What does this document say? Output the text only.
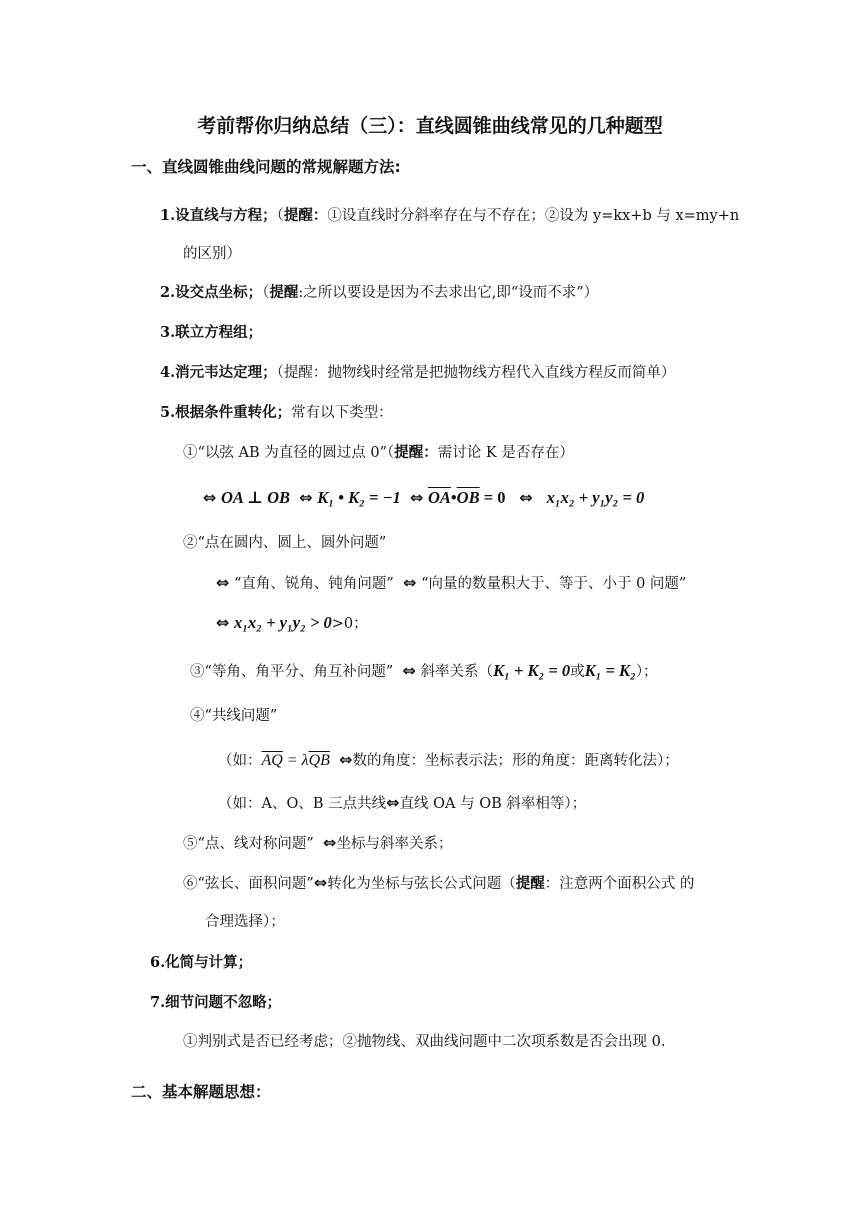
考前帮你归纳总结（三）：直线圆锥曲线常见的几种题型
一、直线圆锥曲线问题的常规解题方法:
1.设直线与方程；（提醒：①设直线时分斜率存在与不存在；②设为 y=kx+b 与 x=my+n
的区别）
2.设交点坐标；（提醒:之所以要设是因为不去求出它,即“设而不求”）
3.联立方程组；
4.消元韦达定理；（提醒：抛物线时经常是把抛物线方程代入直线方程反而简单）
5.根据条件重转化；常有以下类型：
①“以弦 AB 为直径的圆过点 0”（提醒：需讨论 K 是否存在）
⇔ OA ⊥ OB ⇔ K₁ • K₂ = −1 ⇔ $\overline{OA}•\overline{OB} = 0$ ⇔ x₁x₂ + y₁y₂ = 0
②“点在圆内、圆上、圆外问题”
⇔ “直角、锐角、钝角问题” ⇔ “向量的数量积大于、等于、小于 0 问题”
⇔ x₁x₂ + y₁y₂ > 0>0；
③“等角、角平分、角互补问题” ⇔ 斜率关系（K₁ + K₂ = 0或K₁ = K₂）；
④“共线问题”
（如：$\overline{AQ} = \lambda\overline{QB}$ ⇔数的角度：坐标表示法；形的角度：距离转化法）；
（如：A、O、B 三点共线⇔直线 OA 与 OB 斜率相等）；
⑤“点、线对称问题” ⇔坐标与斜率关系；
⑥“弦长、面积问题”⇔转化为坐标与弦长公式问题（提醒：注意两个面积公式 的
合理选择）；
6.化简与计算；
7.细节问题不忽略；
①判别式是否已经考虑；②抛物线、双曲线问题中二次项系数是否会出现 0.
二、基本解题思想：
